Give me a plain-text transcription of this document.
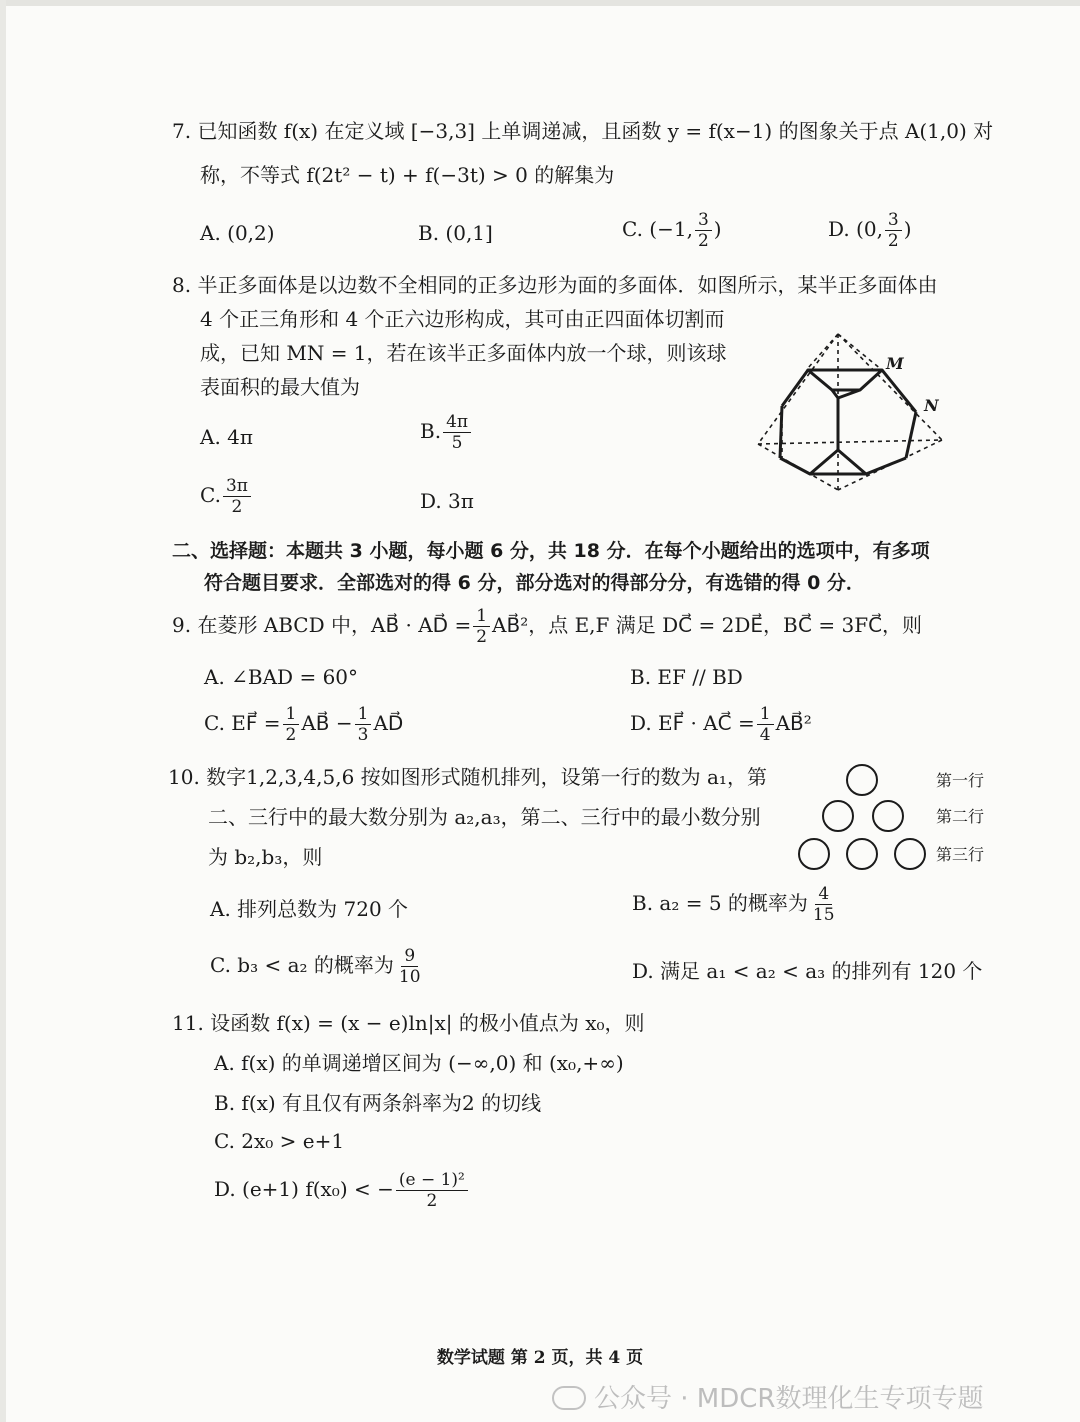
7. 已知函数 f(x) 在定义域 [−3,3] 上单调递减，且函数 y = f(x−1) 的图象关于点 A(1,0) 对
称，不等式 f(2t² − t) + f(−3t) > 0 的解集为
A. (0,2)	B. (0,1]	C. (−1, $\frac{3}{2}$ )	D. (0, $\frac{3}{2}$ )
8. 半正多面体是以边数不全相同的正多边形为面的多面体．如图所示，某半正多面体由
4 个正三角形和 4 个正六边形构成，其可由正四面体切割而
成，已知 MN = 1，若在该半正多面体内放一个球，则该球
表面积的最大值为
A. 4π	B. $\frac{4\pi}{5}$
C. $\frac{3\pi}{2}$	D. 3π
M
N
二、选择题：本题共 3 小题，每小题 6 分，共 18 分．在每个小题给出的选项中，有多项
符合题目要求．全部选对的得 6 分，部分选对的得部分分，有选错的得 0 分．
9. 在菱形 ABCD 中，AB⃗ · AD⃗ = $\frac{1}{2}$ AB⃗²，点 E,F 满足 DC⃗ = 2DE⃗，BC⃗ = 3FC⃗，则
A. ∠BAD = 60°	B. EF // BD
C. EF⃗ = $\frac{1}{2}$ AB⃗ − $\frac{1}{3}$ AD⃗	D. EF⃗ · AC⃗ = $\frac{1}{4}$ AB⃗²
10. 数字1,2,3,4,5,6 按如图形式随机排列，设第一行的数为 a₁，第
二、三行中的最大数分别为 a₂,a₃，第二、三行中的最小数分别
为 b₂,b₃，则
第一行
第二行
第三行
A. 排列总数为 720 个	B. a₂ = 5 的概率为 $\frac{4}{15}$
C. b₃ < a₂ 的概率为 $\frac{9}{10}$	D. 满足 a₁ < a₂ < a₃ 的排列有 120 个
11. 设函数 f(x) = (x − e)ln|x| 的极小值点为 x₀，则
A. f(x) 的单调递增区间为 (−∞,0) 和 (x₀,+∞)
B. f(x) 有且仅有两条斜率为2 的切线
C. 2x₀ > e+1
D. (e+1) f(x₀) < − $\frac{\text{(e − 1)²}}{2}$
数学试题 第 2 页，共 4 页
公众号 · MDCR数理化生专项专题
